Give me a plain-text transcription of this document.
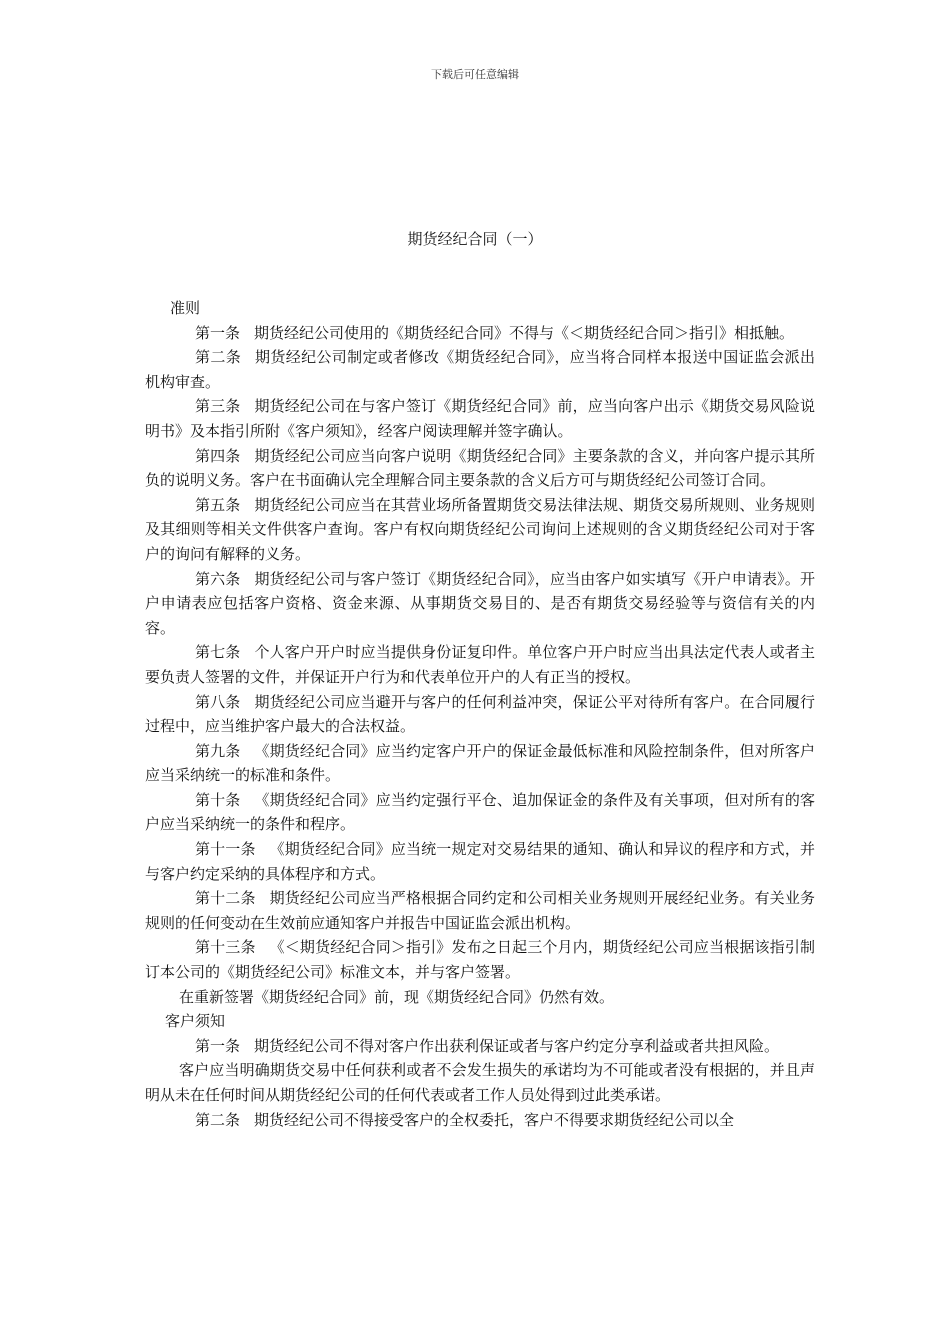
下载后可任意编辑
期货经纪合同（一）

准则

第一条 期货经纪公司使用的《期货经纪合同》不得与《＜期货经纪合同＞指引》相抵触。

第二条 期货经纪公司制定或者修改《期货经纪合同》，应当将合同样本报送中国证监会派出机构审查。

第三条 期货经纪公司在与客户签订《期货经纪合同》前，应当向客户出示《期货交易风险说明书》及本指引所附《客户须知》，经客户阅读理解并签字确认。

第四条 期货经纪公司应当向客户说明《期货经纪合同》主要条款的含义，并向客户提示其所负的说明义务。客户在书面确认完全理解合同主要条款的含义后方可与期货经纪公司签订合同。

第五条 期货经纪公司应当在其营业场所备置期货交易法律法规、期货交易所规则、业务规则及其细则等相关文件供客户查询。客户有权向期货经纪公司询问上述规则的含义期货经纪公司对于客户的询问有解释的义务。

第六条 期货经纪公司与客户签订《期货经纪合同》，应当由客户如实填写《开户申请表》。开户申请表应包括客户资格、资金来源、从事期货交易目的、是否有期货交易经验等与资信有关的内容。

第七条 个人客户开户时应当提供身份证复印件。单位客户开户时应当出具法定代表人或者主要负责人签署的文件，并保证开户行为和代表单位开户的人有正当的授权。

第八条 期货经纪公司应当避开与客户的任何利益冲突，保证公平对待所有客户。在合同履行过程中，应当维护客户最大的合法权益。

第九条 《期货经纪合同》应当约定客户开户的保证金最低标准和风险控制条件，但对所客户应当采纳统一的标准和条件。

第十条 《期货经纪合同》应当约定强行平仓、追加保证金的条件及有关事项，但对所有的客户应当采纳统一的条件和程序。

第十一条 《期货经纪合同》应当统一规定对交易结果的通知、确认和异议的程序和方式，并与客户约定采纳的具体程序和方式。

第十二条 期货经纪公司应当严格根据合同约定和公司相关业务规则开展经纪业务。有关业务规则的任何变动在生效前应通知客户并报告中国证监会派出机构。

第十三条 《＜期货经纪合同＞指引》发布之日起三个月内，期货经纪公司应当根据该指引制订本公司的《期货经纪公司》标准文本，并与客户签署。

在重新签署《期货经纪合同》前，现《期货经纪合同》仍然有效。

客户须知

第一条 期货经纪公司不得对客户作出获利保证或者与客户约定分享利益或者共担风险。

客户应当明确期货交易中任何获利或者不会发生损失的承诺均为不可能或者没有根据的，并且声明从未在任何时间从期货经纪公司的任何代表或者工作人员处得到过此类承诺。

第二条 期货经纪公司不得接受客户的全权委托，客户不得要求期货经纪公司以全
